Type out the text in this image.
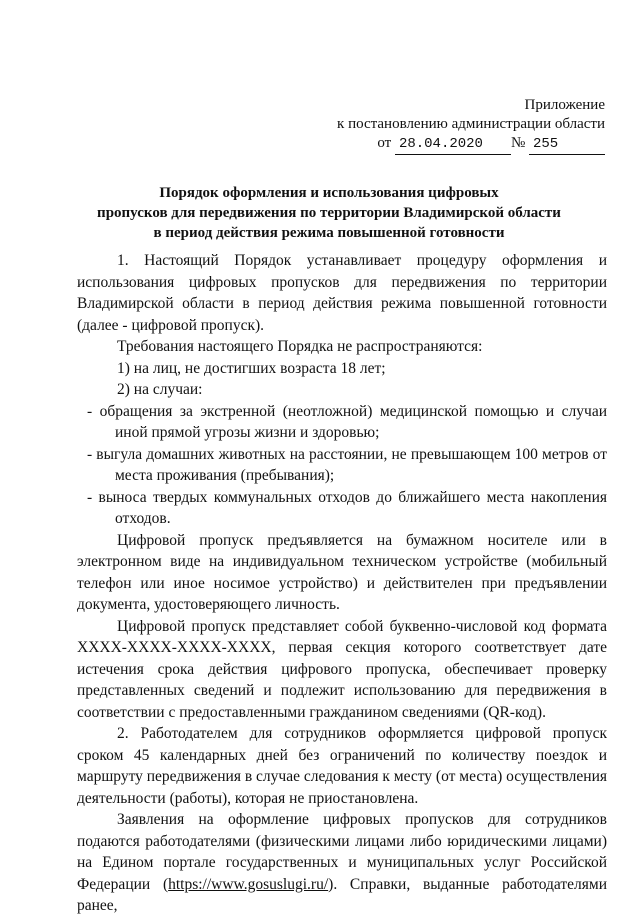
Приложение
к постановлению администрации области
от 28.04.2020 № 255
Порядок оформления и использования цифровых
пропусков для передвижения по территории Владимирской области
в период действия режима повышенной готовности

1. Настоящий Порядок устанавливает процедуру оформления и использования цифровых пропусков для передвижения по территории Владимирской области в период действия режима повышенной готовности (далее - цифровой пропуск).

Требования настоящего Порядка не распространяются:

1) на лиц, не достигших возраста 18 лет;

2) на случаи:

- обращения за экстренной (неотложной) медицинской помощью и случаи иной прямой угрозы жизни и здоровью;

- выгула домашних животных на расстоянии, не превышающем 100 метров от места проживания (пребывания);

- выноса твердых коммунальных отходов до ближайшего места накопления отходов.

Цифровой пропуск предъявляется на бумажном носителе или в электронном виде на индивидуальном техническом устройстве (мобильный телефон или иное носимое устройство) и действителен при предъявлении документа, удостоверяющего личность.

Цифровой пропуск представляет собой буквенно-числовой код формата XXXX-XXXX-XXXX-XXXX, первая секция которого соответствует дате истечения срока действия цифрового пропуска, обеспечивает проверку представленных сведений и подлежит использованию для передвижения в соответствии с предоставленными гражданином сведениями (QR-код).

2. Работодателем для сотрудников оформляется цифровой пропуск сроком 45 календарных дней без ограничений по количеству поездок и маршруту передвижения в случае следования к месту (от места) осуществления деятельности (работы), которая не приостановлена.

Заявления на оформление цифровых пропусков для сотрудников подаются работодателями (физическими лицами либо юридическими лицами) на Едином портале государственных и муниципальных услуг Российской Федерации (https://www.gosuslugi.ru/). Справки, выданные работодателями ранее,
